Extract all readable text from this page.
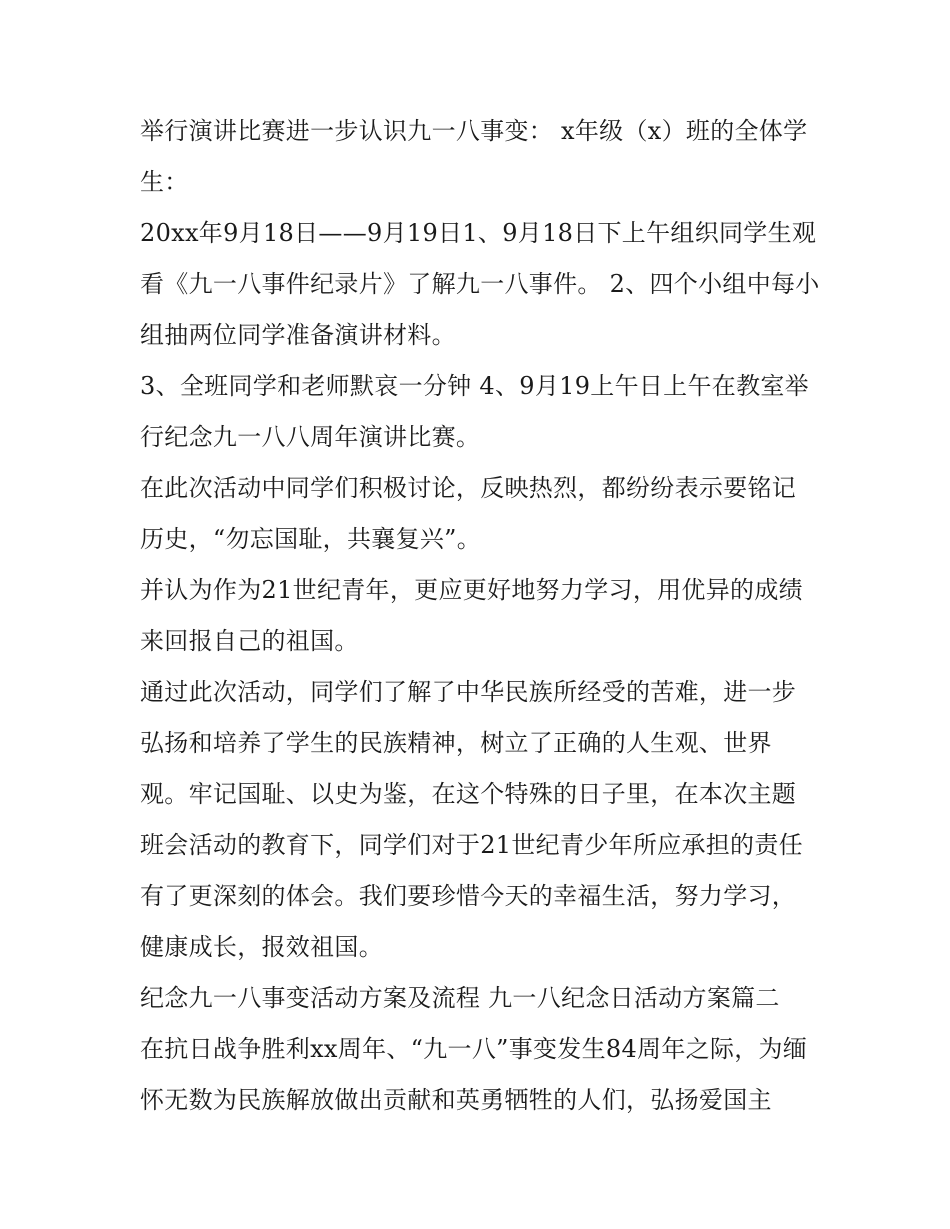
举行演讲比赛进一步认识九一八事变： x年级（x）班的全体学生：

20xx年9月18日——9月19日1、9月18日下上午组织同学生观看《九一八事件纪录片》了解九一八事件。 2、四个小组中每小组抽两位同学准备演讲材料。

3、全班同学和老师默哀一分钟 4、9月19上午日上午在教室举行纪念九一八八周年演讲比赛。

在此次活动中同学们积极讨论，反映热烈，都纷纷表示要铭记历史，“勿忘国耻，共襄复兴”。

并认为作为21世纪青年，更应更好地努力学习，用优异的成绩来回报自己的祖国。

通过此次活动，同学们了解了中华民族所经受的苦难，进一步弘扬和培养了学生的民族精神，树立了正确的人生观、世界观。牢记国耻、以史为鉴，在这个特殊的日子里，在本次主题班会活动的教育下，同学们对于21世纪青少年所应承担的责任有了更深刻的体会。我们要珍惜今天的幸福生活，努力学习，健康成长，报效祖国。

纪念九一八事变活动方案及流程 九一八纪念日活动方案篇二

在抗日战争胜利xx周年、“九一八”事变发生84周年之际，为缅怀无数为民族解放做出贡献和英勇牺牲的人们，弘扬爱国主
